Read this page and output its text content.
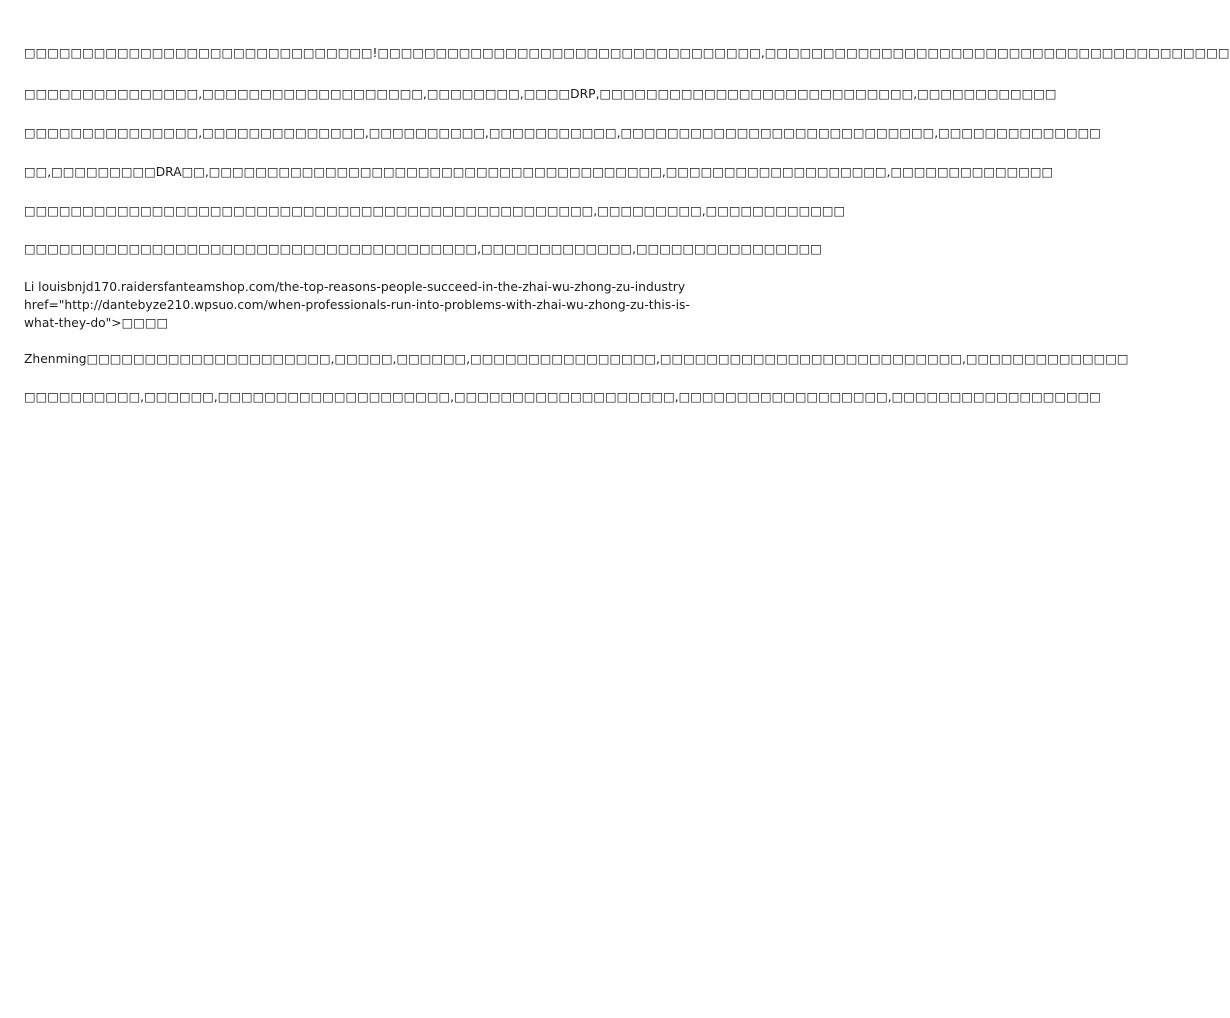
□□□□□□□□□□□□□□□□□□□□□□□□□□□□□□!□□□□□□□□□□□□□□□□□□□□□□□□□□□□□□□□□,□□□□□□□□□□□□□□□□□□□□□□□□□□□□□□□□□□□□□□□□

□□□□□□□□□□□□□□□,□□□□□□□□□□□□□□□□□□□,□□□□□□□□,□□□□DRP,□□□□□□□□□□□□□□□□□□□□□□□□□□□,□□□□□□□□□□□□

□□□□□□□□□□□□□□□,□□□□□□□□□□□□□□,□□□□□□□□□□,□□□□□□□□□□□,□□□□□□□□□□□□□□□□□□□□□□□□□□□,□□□□□□□□□□□□□□

□□,□□□□□□□□□DRA□□,□□□□□□□□□□□□□□□□□□□□□□□□□□□□□□□□□□□□□□□,□□□□□□□□□□□□□□□□□□□,□□□□□□□□□□□□□□

□□□□□□□□□□□□□□□□□□□□□□□□□□□□□□□□□□□□□□□□□□□□□□□□□,□□□□□□□□□,□□□□□□□□□□□□

□□□□□□□□□□□□□□□□□□□□□□□□□□□□□□□□□□□□□□□,□□□□□□□□□□□□□,□□□□□□□□□□□□□□□□

Li louisbnjd170.raidersfanteamshop.com/the-top-reasons-people-succeed-in-the-zhai-wu-zhong-zu-industry href="http://dantebyze210.wpsuo.com/when-professionals-run-into-problems-with-zhai-wu-zhong-zu-this-is-what-they-do">□□□□

Zhenming□□□□□□□□□□□□□□□□□□□□□,□□□□□,□□□□□□,□□□□□□□□□□□□□□□□,□□□□□□□□□□□□□□□□□□□□□□□□□□,□□□□□□□□□□□□□□

□□□□□□□□□□,□□□□□□,□□□□□□□□□□□□□□□□□□□□,□□□□□□□□□□□□□□□□□□□,□□□□□□□□□□□□□□□□□□,□□□□□□□□□□□□□□□□□□
